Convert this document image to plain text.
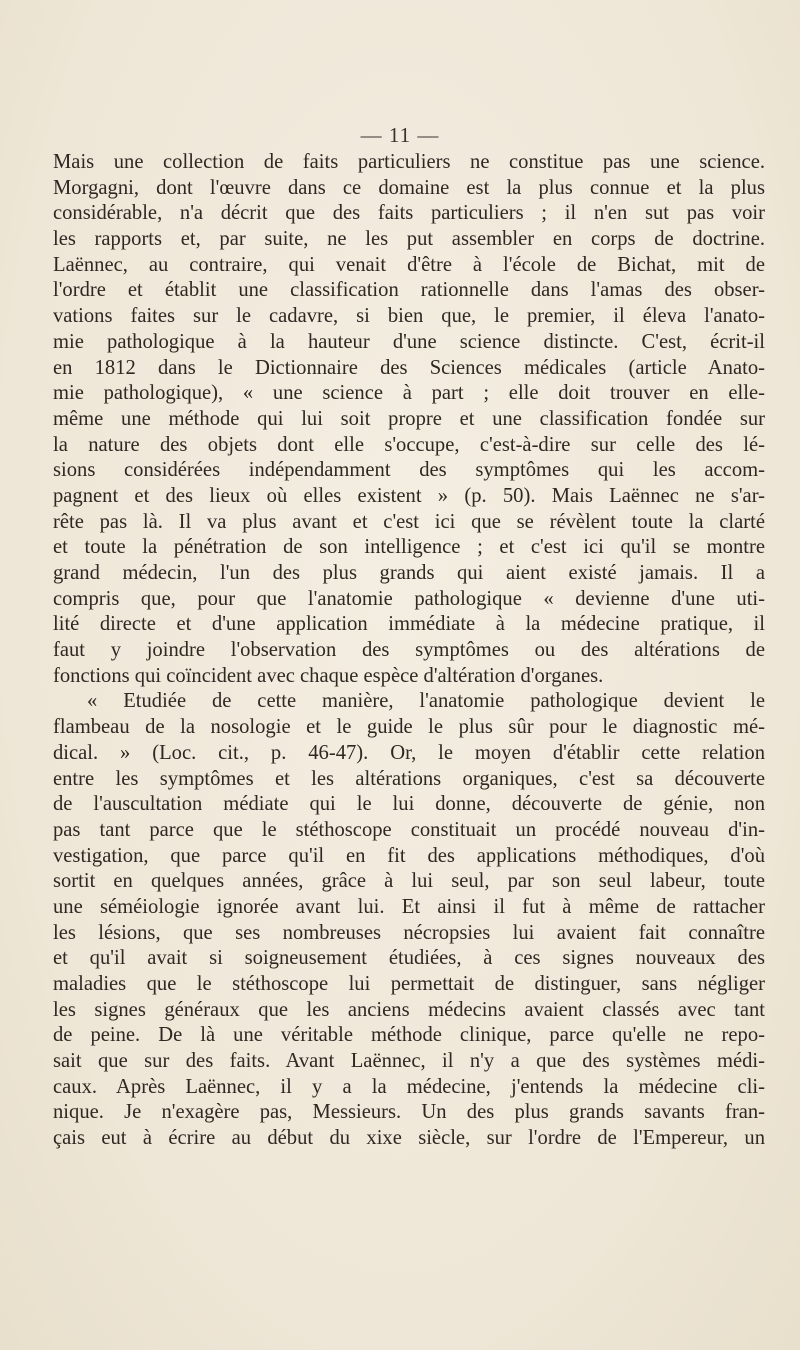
— 11 —
Mais une collection de faits particuliers ne constitue pas une science.
Morgagni, dont l'œuvre dans ce domaine est la plus connue et la plus
considérable, n'a décrit que des faits particuliers ; il n'en sut pas voir
les rapports et, par suite, ne les put assembler en corps de doctrine.
Laënnec, au contraire, qui venait d'être à l'école de Bichat, mit de
l'ordre et établit une classification rationnelle dans l'amas des obser-
vations faites sur le cadavre, si bien que, le premier, il éleva l'anato-
mie pathologique à la hauteur d'une science distincte. C'est, écrit-il
en 1812 dans le Dictionnaire des Sciences médicales (article Anato-
mie pathologique), « une science à part ; elle doit trouver en elle-
même une méthode qui lui soit propre et une classification fondée sur
la nature des objets dont elle s'occupe, c'est-à-dire sur celle des lé-
sions considérées indépendamment des symptômes qui les accom-
pagnent et des lieux où elles existent » (p. 50). Mais Laënnec ne s'ar-
rête pas là. Il va plus avant et c'est ici que se révèlent toute la clarté
et toute la pénétration de son intelligence ; et c'est ici qu'il se montre
grand médecin, l'un des plus grands qui aient existé jamais. Il a
compris que, pour que l'anatomie pathologique « devienne d'une uti-
lité directe et d'une application immédiate à la médecine pratique, il
faut y joindre l'observation des symptômes ou des altérations de
fonctions qui coïncident avec chaque espèce d'altération d'organes.
« Etudiée de cette manière, l'anatomie pathologique devient le
flambeau de la nosologie et le guide le plus sûr pour le diagnostic mé-
dical. » (Loc. cit., p. 46-47). Or, le moyen d'établir cette relation
entre les symptômes et les altérations organiques, c'est sa découverte
de l'auscultation médiate qui le lui donne, découverte de génie, non
pas tant parce que le stéthoscope constituait un procédé nouveau d'in-
vestigation, que parce qu'il en fit des applications méthodiques, d'où
sortit en quelques années, grâce à lui seul, par son seul labeur, toute
une séméiologie ignorée avant lui. Et ainsi il fut à même de rattacher
les lésions, que ses nombreuses nécropsies lui avaient fait connaître
et qu'il avait si soigneusement étudiées, à ces signes nouveaux des
maladies que le stéthoscope lui permettait de distinguer, sans négliger
les signes généraux que les anciens médecins avaient classés avec tant
de peine. De là une véritable méthode clinique, parce qu'elle ne repo-
sait que sur des faits. Avant Laënnec, il n'y a que des systèmes médi-
caux. Après Laënnec, il y a la médecine, j'entends la médecine cli-
nique. Je n'exagère pas, Messieurs. Un des plus grands savants fran-
çais eut à écrire au début du xixe siècle, sur l'ordre de l'Empereur, un
